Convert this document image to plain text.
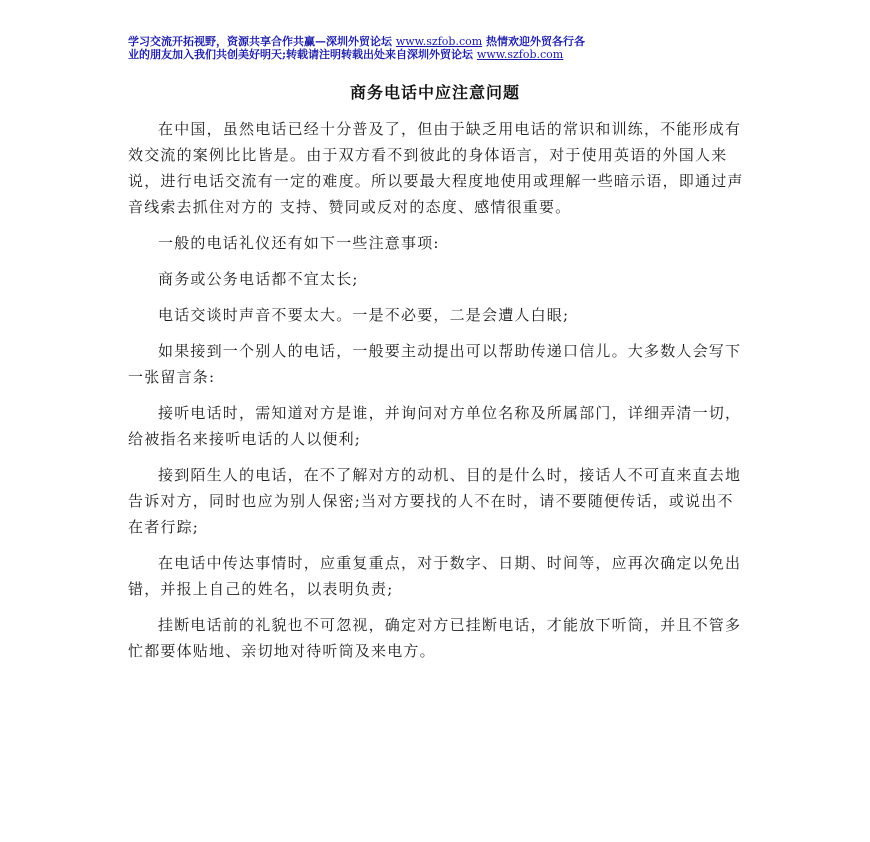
学习交流开拓视野，资源共享合作共赢—深圳外贸论坛 www.szfob.com 热情欢迎外贸各行各
业的朋友加入我们共创美好明天;转载请注明转载出处来自深圳外贸论坛 www.szfob.com
商务电话中应注意问题

在中国，虽然电话已经十分普及了，但由于缺乏用电话的常识和训练，不能形成有效交流的案例比比皆是。由于双方看不到彼此的身体语言，对于使用英语的外国人来说，进行电话交流有一定的难度。所以要最大程度地使用或理解一些暗示语，即通过声音线索去抓住对方的 支持、赞同或反对的态度、感情很重要。

一般的电话礼仪还有如下一些注意事项:

商务或公务电话都不宜太长;

电话交谈时声音不要太大。一是不必要，二是会遭人白眼;

如果接到一个别人的电话，一般要主动提出可以帮助传递口信儿。大多数人会写下一张留言条:

接听电话时，需知道对方是谁，并询问对方单位名称及所属部门，详细弄清一切，给被指名来接听电话的人以便利;

接到陌生人的电话，在不了解对方的动机、目的是什么时，接话人不可直来直去地告诉对方，同时也应为别人保密;当对方要找的人不在时，请不要随便传话，或说出不在者行踪;

在电话中传达事情时，应重复重点，对于数字、日期、时间等，应再次确定以免出错，并报上自己的姓名，以表明负责;

挂断电话前的礼貌也不可忽视，确定对方已挂断电话，才能放下听筒，并且不管多忙都要体贴地、亲切地对待听筒及来电方。
